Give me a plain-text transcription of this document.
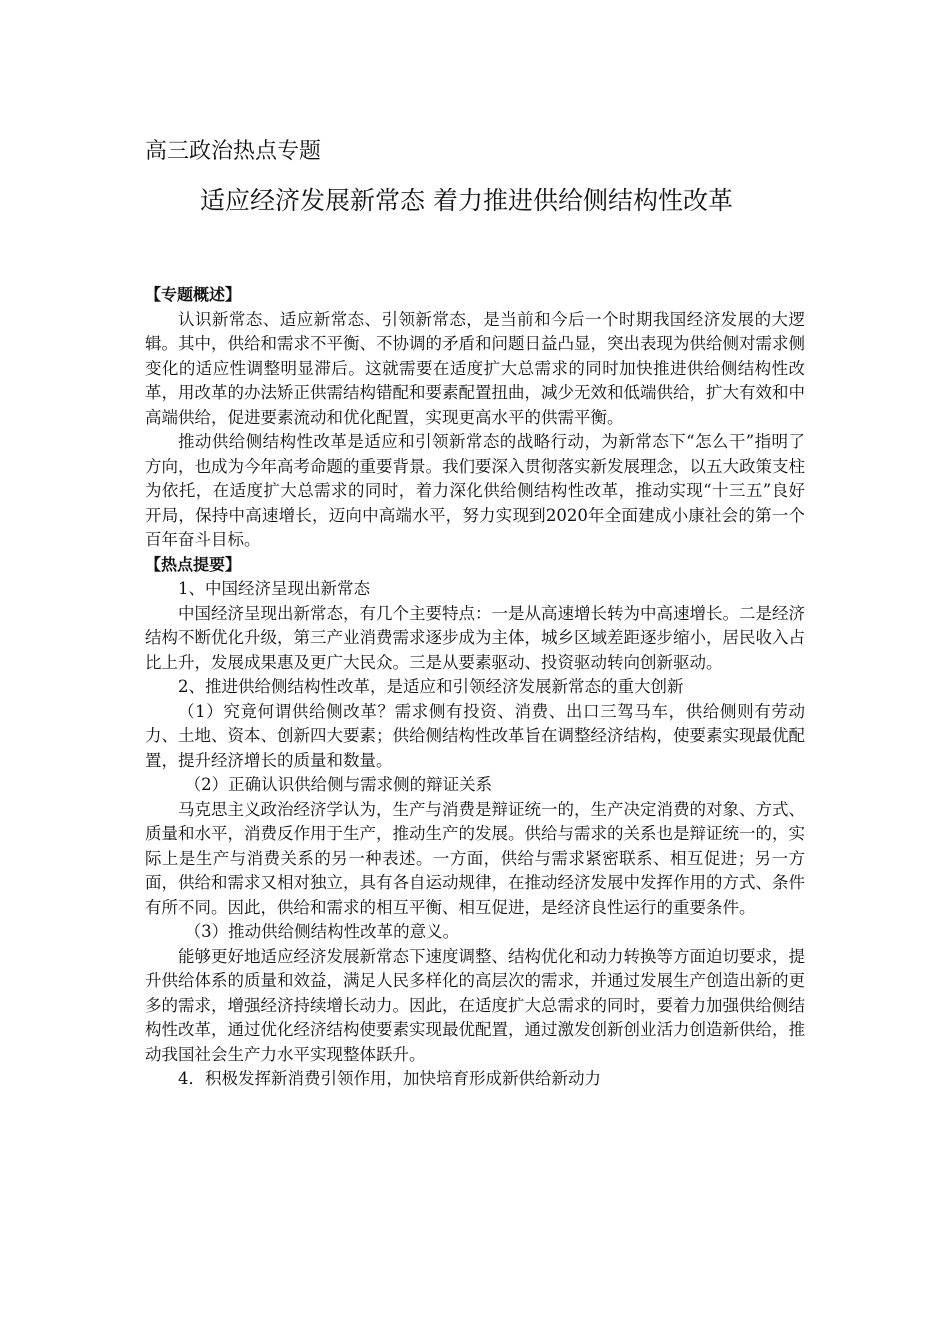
高三政治热点专题
适应经济发展新常态 着力推进供给侧结构性改革

【专题概述】

认识新常态、适应新常态、引领新常态，是当前和今后一个时期我国经济发展的大逻辑。其中，供给和需求不平衡、不协调的矛盾和问题日益凸显，突出表现为供给侧对需求侧变化的适应性调整明显滞后。这就需要在适度扩大总需求的同时加快推进供给侧结构性改革，用改革的办法矫正供需结构错配和要素配置扭曲，减少无效和低端供给，扩大有效和中高端供给，促进要素流动和优化配置，实现更高水平的供需平衡。

推动供给侧结构性改革是适应和引领新常态的战略行动，为新常态下“怎么干”指明了方向，也成为今年高考命题的重要背景。我们要深入贯彻落实新发展理念，以五大政策支柱为依托，在适度扩大总需求的同时，着力深化供给侧结构性改革，推动实现“十三五”良好开局，保持中高速增长，迈向中高端水平，努力实现到2020年全面建成小康社会的第一个百年奋斗目标。

【热点提要】

1、中国经济呈现出新常态

中国经济呈现出新常态，有几个主要特点：一是从高速增长转为中高速增长。二是经济结构不断优化升级，第三产业消费需求逐步成为主体，城乡区域差距逐步缩小，居民收入占比上升，发展成果惠及更广大民众。三是从要素驱动、投资驱动转向创新驱动。

2、推进供给侧结构性改革，是适应和引领经济发展新常态的重大创新

（1）究竟何谓供给侧改革？需求侧有投资、消费、出口三驾马车，供给侧则有劳动力、土地、资本、创新四大要素；供给侧结构性改革旨在调整经济结构，使要素实现最优配置，提升经济增长的质量和数量。

（2）正确认识供给侧与需求侧的辩证关系

马克思主义政治经济学认为，生产与消费是辩证统一的，生产决定消费的对象、方式、质量和水平，消费反作用于生产，推动生产的发展。供给与需求的关系也是辩证统一的，实际上是生产与消费关系的另一种表述。一方面，供给与需求紧密联系、相互促进；另一方面，供给和需求又相对独立，具有各自运动规律，在推动经济发展中发挥作用的方式、条件有所不同。因此，供给和需求的相互平衡、相互促进，是经济良性运行的重要条件。

（3）推动供给侧结构性改革的意义。

能够更好地适应经济发展新常态下速度调整、结构优化和动力转换等方面迫切要求，提升供给体系的质量和效益，满足人民多样化的高层次的需求，并通过发展生产创造出新的更多的需求，增强经济持续增长动力。因此，在适度扩大总需求的同时，要着力加强供给侧结构性改革，通过优化经济结构使要素实现最优配置，通过激发创新创业活力创造新供给，推动我国社会生产力水平实现整体跃升。

4．积极发挥新消费引领作用，加快培育形成新供给新动力
